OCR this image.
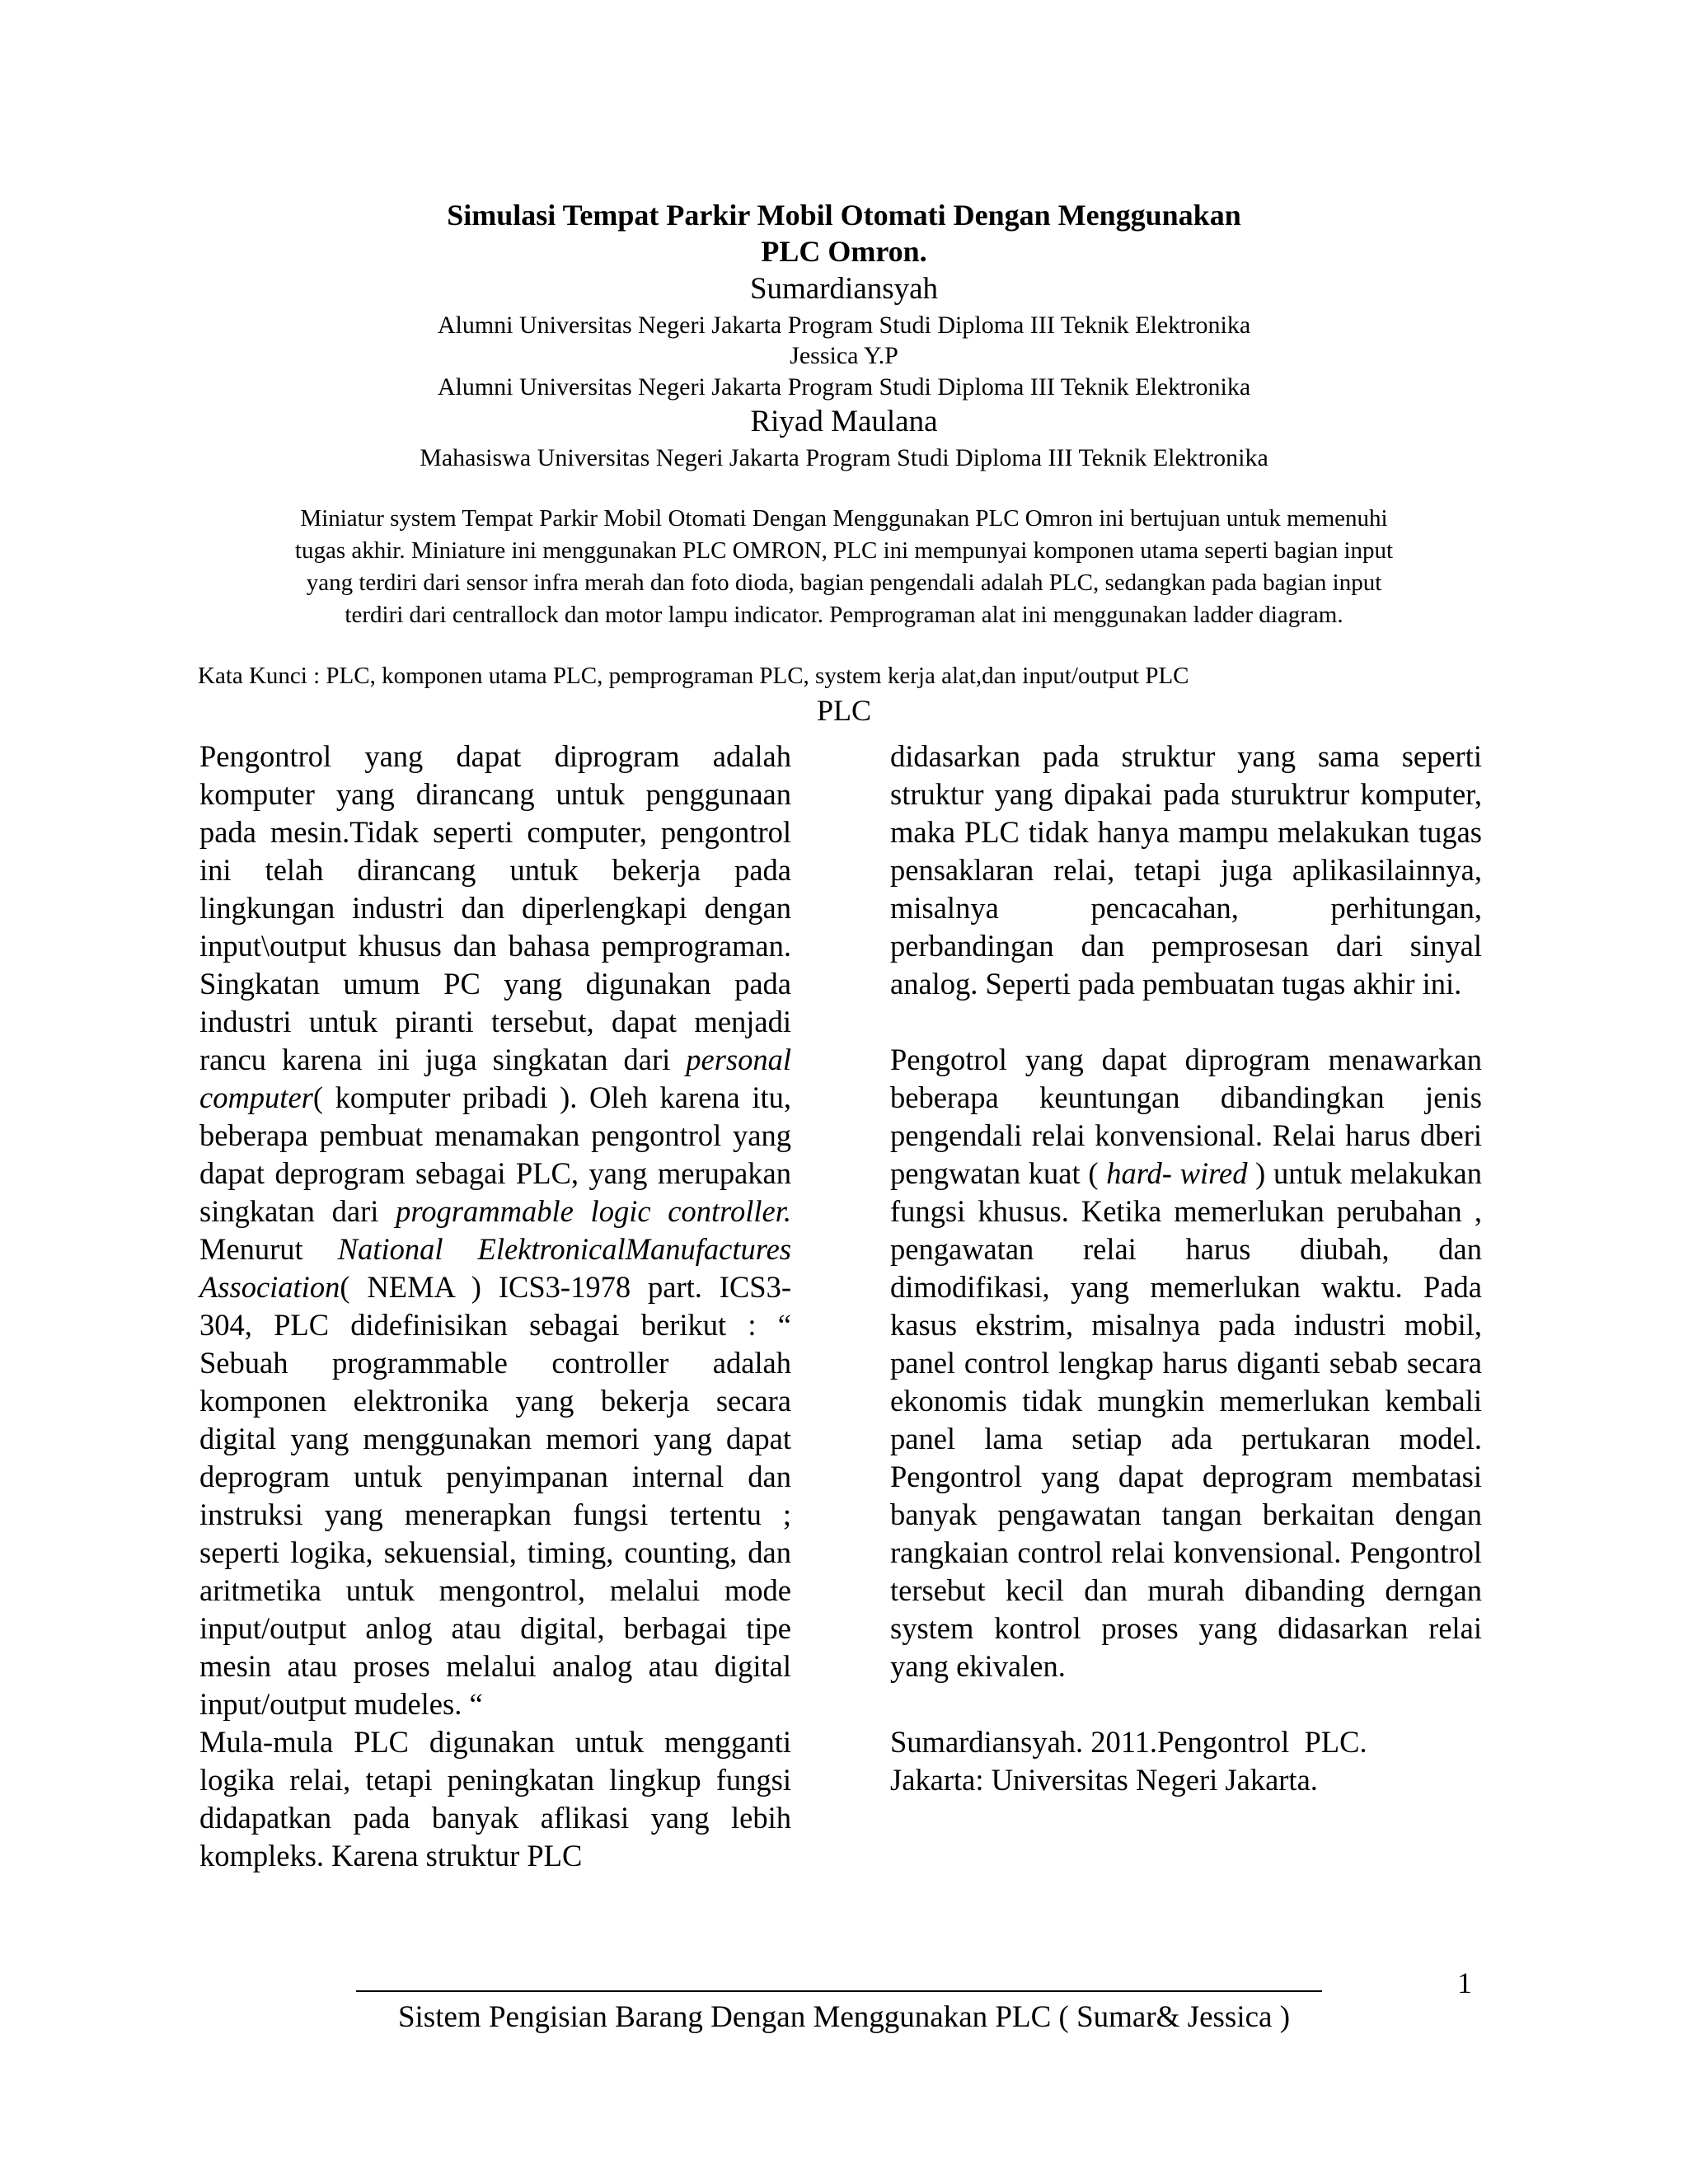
Simulasi Tempat Parkir Mobil Otomati Dengan Menggunakan
PLC Omron.
Sumardiansyah
Alumni Universitas Negeri Jakarta Program Studi Diploma III Teknik Elektronika
Jessica Y.P
Alumni Universitas Negeri Jakarta Program Studi Diploma III Teknik Elektronika
Riyad Maulana
Mahasiswa Universitas Negeri Jakarta Program Studi Diploma III Teknik Elektronika
Miniatur system Tempat Parkir Mobil Otomati Dengan Menggunakan PLC Omron ini bertujuan untuk memenuhi
tugas akhir. Miniature ini menggunakan PLC OMRON, PLC ini mempunyai komponen utama seperti bagian input
yang terdiri dari sensor infra merah dan foto dioda, bagian pengendali adalah PLC, sedangkan pada bagian input
terdiri dari centrallock dan motor lampu indicator. Pemprograman alat ini menggunakan ladder diagram.
Kata Kunci : PLC, komponen utama PLC, pemprograman PLC, system kerja alat,dan input/output PLC
PLC

Pengontrol yang dapat diprogram adalah komputer yang dirancang untuk penggunaan pada mesin.Tidak seperti computer, pengontrol ini telah dirancang untuk bekerja pada lingkungan industri dan diperlengkapi dengan input\output khusus dan bahasa pemprograman. Singkatan umum PC yang digunakan pada industri untuk piranti tersebut, dapat menjadi rancu karena ini juga singkatan dari personal computer( komputer pribadi ). Oleh karena itu, beberapa pembuat menamakan pengontrol yang dapat deprogram sebagai PLC, yang merupakan singkatan dari programmable logic controller. Menurut National ElektronicalManufactures Association( NEMA ) ICS3-1978 part. ICS3-304, PLC didefinisikan sebagai berikut : “ Sebuah programmable controller adalah komponen elektronika yang bekerja secara digital yang menggunakan memori yang dapat deprogram untuk penyimpanan internal dan instruksi yang menerapkan fungsi tertentu ; seperti logika, sekuensial, timing, counting, dan aritmetika untuk mengontrol, melalui mode input/output anlog atau digital, berbagai tipe mesin atau proses melalui analog atau digital input/output mudeles. “

Mula-mula PLC digunakan untuk mengganti logika relai, tetapi peningkatan lingkup fungsi didapatkan pada banyak aflikasi yang lebih kompleks. Karena struktur PLC

didasarkan pada struktur yang sama seperti struktur yang dipakai pada sturuktrur komputer, maka PLC tidak hanya mampu melakukan tugas pensaklaran relai, tetapi juga aplikasilainnya, misalnya pencacahan, perhitungan, perbandingan dan pemprosesan dari sinyal analog. Seperti pada pembuatan tugas akhir ini.

Pengotrol yang dapat diprogram menawarkan beberapa keuntungan dibandingkan jenis pengendali relai konvensional. Relai harus dberi pengwatan kuat ( hard- wired ) untuk melakukan fungsi khusus. Ketika memerlukan perubahan , pengawatan relai harus diubah, dan dimodifikasi, yang memerlukan waktu. Pada kasus ekstrim, misalnya pada industri mobil, panel control lengkap harus diganti sebab secara ekonomis tidak mungkin memerlukan kembali panel lama setiap ada pertukaran model. Pengontrol yang dapat deprogram membatasi banyak pengawatan tangan berkaitan dengan rangkaian control relai konvensional. Pengontrol tersebut kecil dan murah dibanding derngan system kontrol proses yang didasarkan relai yang ekivalen.

Sumardiansyah. 2011.Pengontrol  PLC.
Jakarta: Universitas Negeri Jakarta.
1
Sistem Pengisian Barang Dengan Menggunakan PLC ( Sumar& Jessica )
